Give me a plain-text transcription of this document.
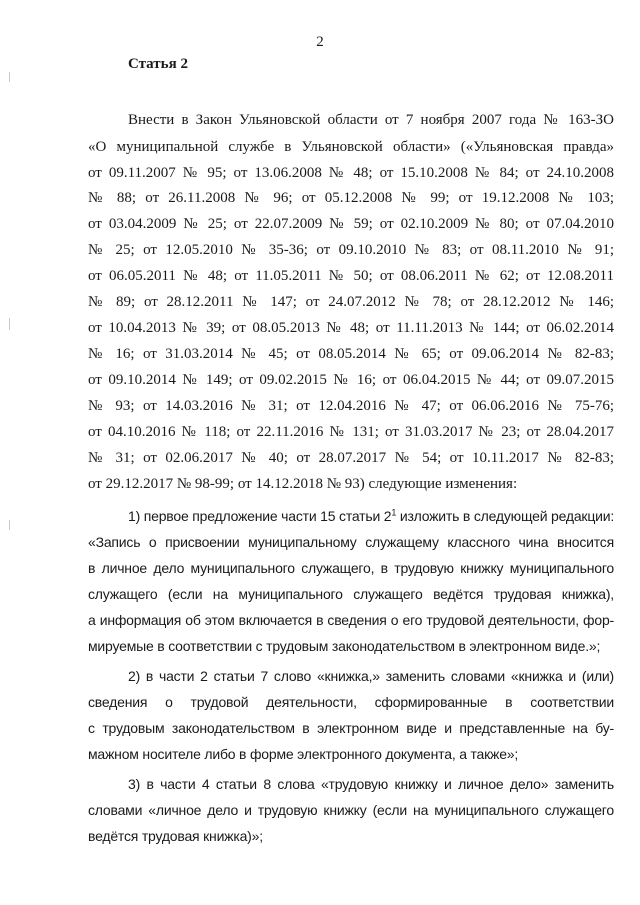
2
Статья 2
Внести в Закон Ульяновской области от 7 ноября 2007 года № 163-ЗО
«О муниципальной службе в Ульяновской области» («Ульяновская правда»
от 09.11.2007 № 95; от 13.06.2008 № 48; от 15.10.2008 № 84; от 24.10.2008
№ 88; от 26.11.2008 № 96; от 05.12.2008 № 99; от 19.12.2008 № 103;
от 03.04.2009 № 25; от 22.07.2009 № 59; от 02.10.2009 № 80; от 07.04.2010
№ 25; от 12.05.2010 № 35-36; от 09.10.2010 № 83; от 08.11.2010 № 91;
от 06.05.2011 № 48; от 11.05.2011 № 50; от 08.06.2011 № 62; от 12.08.2011
№ 89; от 28.12.2011 № 147; от 24.07.2012 № 78; от 28.12.2012 № 146;
от 10.04.2013 № 39; от 08.05.2013 № 48; от 11.11.2013 № 144; от 06.02.2014
№ 16; от 31.03.2014 № 45; от 08.05.2014 № 65; от 09.06.2014 № 82-83;
от 09.10.2014 № 149; от 09.02.2015 № 16; от 06.04.2015 № 44; от 09.07.2015
№ 93; от 14.03.2016 № 31; от 12.04.2016 № 47; от 06.06.2016 № 75-76;
от 04.10.2016 № 118; от 22.11.2016 № 131; от 31.03.2017 № 23; от 28.04.2017
№ 31; от 02.06.2017 № 40; от 28.07.2017 № 54; от 10.11.2017 № 82-83;
от 29.12.2017 № 98-99; от 14.12.2018 № 93) следующие изменения:
1) первое предложение части 15 статьи $2^1$ изложить в следующей редакции:
«Запись о присвоении муниципальному служащему классного чина вносится
в личное дело муниципального служащего, в трудовую книжку муниципального
служащего (если на муниципального служащего ведётся трудовая книжка),
а информация об этом включается в сведения о его трудовой деятельности, фор-
мируемые в соответствии с трудовым законодательством в электронном виде.»;
2) в части 2 статьи 7 слово «книжка,» заменить словами «книжка и (или)
сведения о трудовой деятельности, сформированные в соответствии
с трудовым законодательством в электронном виде и представленные на бу-
мажном носителе либо в форме электронного документа, а также»;
3) в части 4 статьи 8 слова «трудовую книжку и личное дело» заменить
словами «личное дело и трудовую книжку (если на муниципального служащего
ведётся трудовая книжка)»;
